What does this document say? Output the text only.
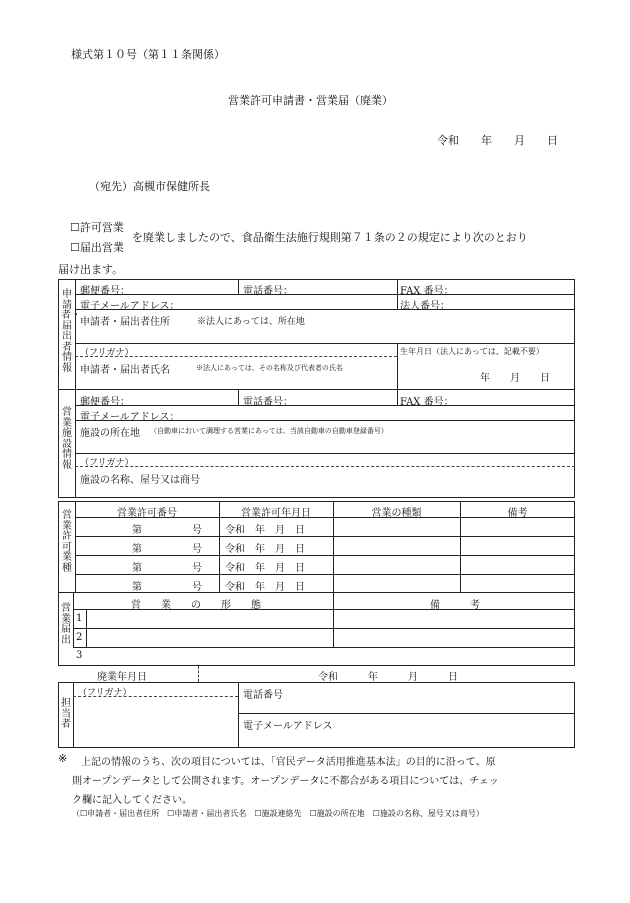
様式第１０号（第１１条関係）
営業許可申請書・営業届（廃業）
令和　　年　　月　　日
（宛先）高槻市保健所長
☐許可営業
☐届出営業
を廃業しましたので、食品衛生法施行規則第７１条の２の規定により次のとおり
届け出ます。
申請者・届出者情報
郵便番号：	電話番号：	FAX 番号：
電子メールアドレス：	法人番号：
申請者・届出者住所	※法人にあっては、所在地
（フリガナ）	生年月日（法人にあっては、記載不要）
申請者・届出者氏名	※法人にあっては、その名称及び代表者の氏名
年　　月　　日
営業施設情報
郵便番号：	電話番号：	FAX 番号：
電子メールアドレス：
施設の所在地 （自動車において調理する営業にあっては、当該自動車の自動車登録番号）
（フリガナ）
施設の名称、屋号又は商号
営業許可業種
営業許可番号	営業許可年月日	営業の種類	備考
第　　　　　号 令和　年　月　日
第　　　　　号 令和　年　月　日
第　　　　　号 令和　年　月　日
第　　　　　号 令和　年　月　日
営業届出
営　　業　　の　　形　　態	備　　　考
1
2
3
廃業年月日	令和　　　年　　　月　　　日
担当者
（フリガナ）	電話番号
電子メールアドレス
※ 上記の情報のうち、次の項目については、「官民データ活用推進基本法」の目的に沿って、原
則オープンデータとして公開されます。オープンデータに不都合がある項目については、チェッ
ク欄に記入してください。
（☐申請者・届出者住所　☐申請者・届出者氏名　☐施設連絡先　☐施設の所在地　☐施設の名称、屋号又は商号）
